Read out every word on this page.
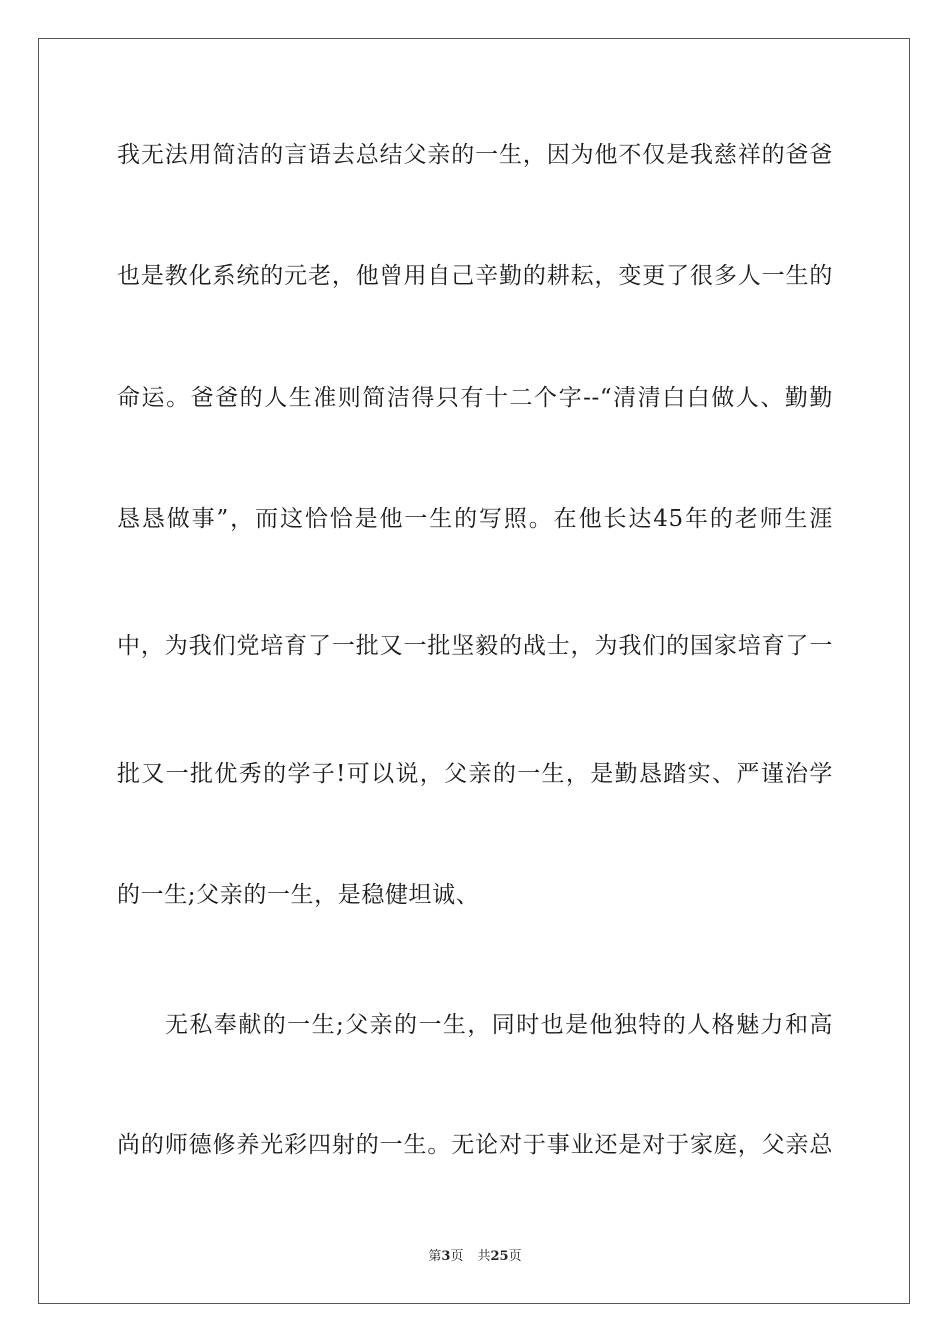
我无法用简洁的言语去总结父亲的一生，因为他不仅是我慈祥的爸爸
也是教化系统的元老，他曾用自己辛勤的耕耘，变更了很多人一生的
命运。爸爸的人生准则简洁得只有十二个字--“清清白白做人、勤勤
恳恳做事”，而这恰恰是他一生的写照。在他长达45年的老师生涯
中，为我们党培育了一批又一批坚毅的战士，为我们的国家培育了一
批又一批优秀的学子!可以说，父亲的一生，是勤恳踏实、严谨治学
的一生;父亲的一生，是稳健坦诚、
无私奉献的一生;父亲的一生，同时也是他独特的人格魅力和高
尚的师德修养光彩四射的一生。无论对于事业还是对于家庭，父亲总
第3页 共25页
